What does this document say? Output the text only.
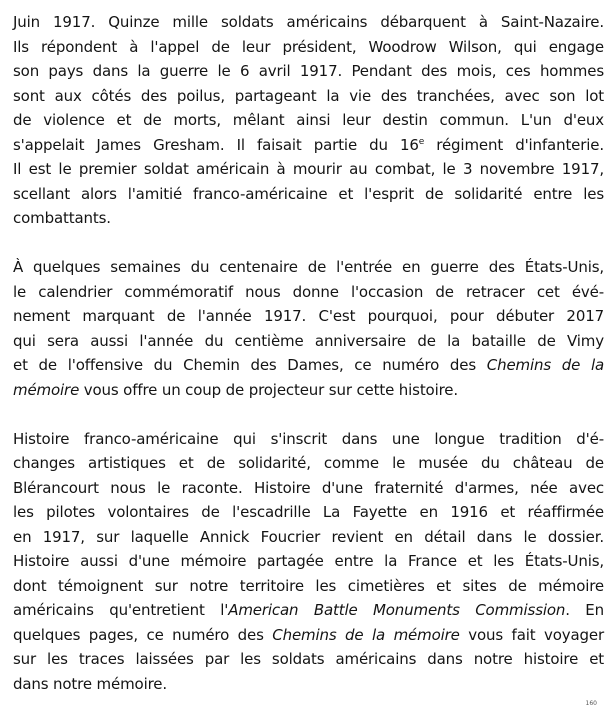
Juin 1917. Quinze mille soldats américains débarquent à Saint-Nazaire.
Ils répondent à l'appel de leur président, Woodrow Wilson, qui engage
son pays dans la guerre le 6 avril 1917. Pendant des mois, ces hommes
sont aux côtés des poilus, partageant la vie des tranchées, avec son lot
de violence et de morts, mêlant ainsi leur destin commun. L'un d'eux
s'appelait James Gresham. Il faisait partie du 16e régiment d'infanterie.
Il est le premier soldat américain à mourir au combat, le 3 novembre 1917,
scellant alors l'amitié franco-américaine et l'esprit de solidarité entre les
combattants.

À quelques semaines du centenaire de l'entrée en guerre des États-Unis,
le calendrier commémoratif nous donne l'occasion de retracer cet évé-
nement marquant de l'année 1917. C'est pourquoi, pour débuter 2017
qui sera aussi l'année du centième anniversaire de la bataille de Vimy
et de l'offensive du Chemin des Dames, ce numéro des Chemins de la
mémoire vous offre un coup de projecteur sur cette histoire.

Histoire franco-américaine qui s'inscrit dans une longue tradition d'é-
changes artistiques et de solidarité, comme le musée du château de
Blérancourt nous le raconte. Histoire d'une fraternité d'armes, née avec
les pilotes volontaires de l'escadrille La Fayette en 1916 et réaffirmée
en 1917, sur laquelle Annick Foucrier revient en détail dans le dossier.
Histoire aussi d'une mémoire partagée entre la France et les États-Unis,
dont témoignent sur notre territoire les cimetières et sites de mémoire
américains qu'entretient l'American Battle Monuments Commission. En
quelques pages, ce numéro des Chemins de la mémoire vous fait voyager
sur les traces laissées par les soldats américains dans notre histoire et
dans notre mémoire.

160
